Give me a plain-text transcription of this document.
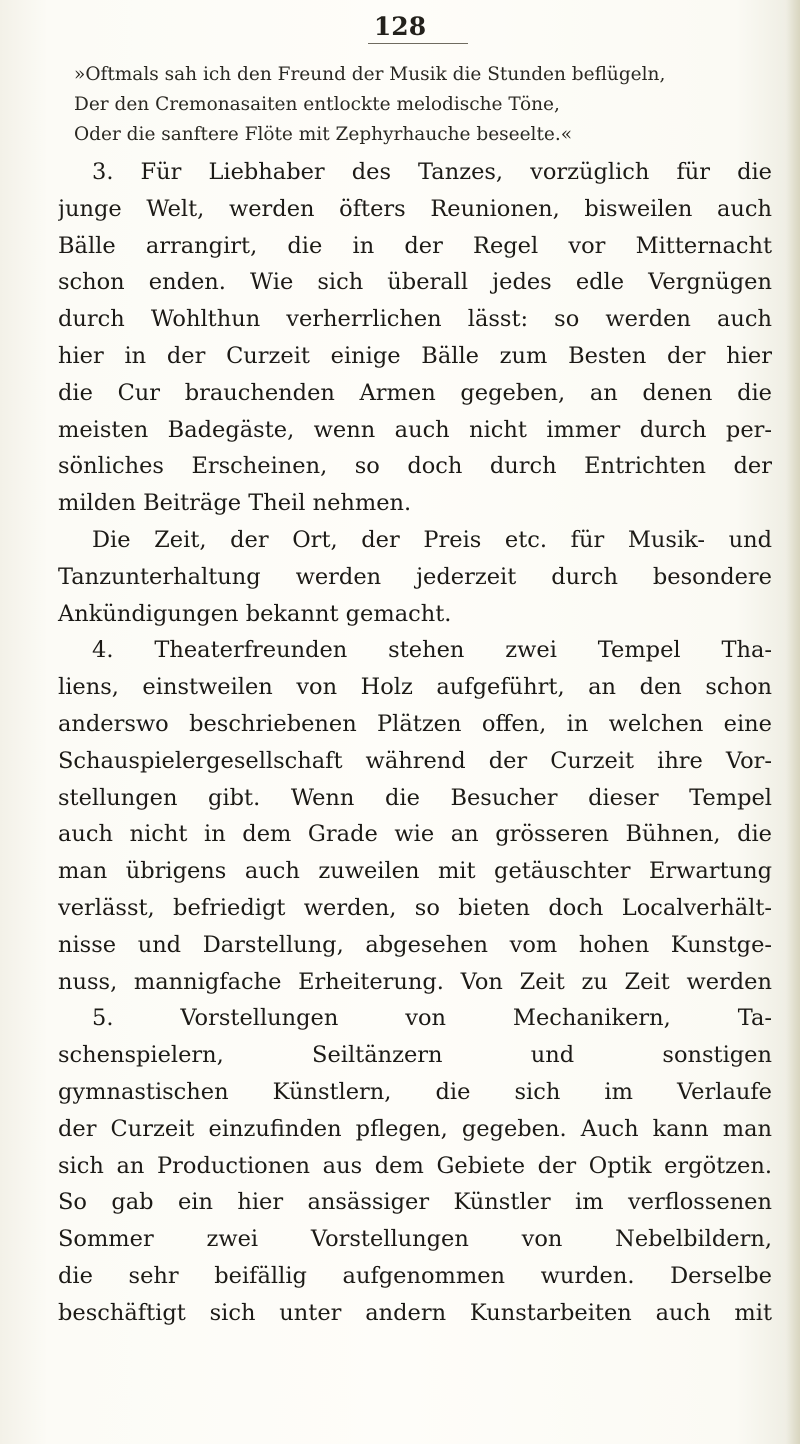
128
»Oftmals sah ich den Freund der Musik die Stunden beflügeln,
Der den Cremonasaiten entlockte melodische Töne,
Oder die sanftere Flöte mit Zephyrhauche beseelte.«
3. Für Liebhaber des Tanzes, vorzüglich für die
junge Welt, werden öfters Reunionen, bisweilen auch
Bälle arrangirt, die in der Regel vor Mitternacht
schon enden. Wie sich überall jedes edle Vergnügen
durch Wohlthun verherrlichen lässt: so werden auch
hier in der Curzeit einige Bälle zum Besten der hier
die Cur brauchenden Armen gegeben, an denen die
meisten Badegäste, wenn auch nicht immer durch per-
sönliches Erscheinen, so doch durch Entrichten der
milden Beiträge Theil nehmen.
Die Zeit, der Ort, der Preis etc. für Musik- und
Tanzunterhaltung werden jederzeit durch besondere
Ankündigungen bekannt gemacht.
4. Theaterfreunden stehen zwei Tempel Tha-
liens, einstweilen von Holz aufgeführt, an den schon
anderswo beschriebenen Plätzen offen, in welchen eine
Schauspielergesellschaft während der Curzeit ihre Vor-
stellungen gibt. Wenn die Besucher dieser Tempel
auch nicht in dem Grade wie an grösseren Bühnen, die
man übrigens auch zuweilen mit getäuschter Erwartung
verlässt, befriedigt werden, so bieten doch Localverhält-
nisse und Darstellung, abgesehen vom hohen Kunstge-
nuss, mannigfache Erheiterung. Von Zeit zu Zeit werden
5. Vorstellungen von Mechanikern, Ta-
schenspielern, Seiltänzern und sonstigen
gymnastischen Künstlern, die sich im Verlaufe
der Curzeit einzufinden pflegen, gegeben. Auch kann man
sich an Productionen aus dem Gebiete der Optik ergötzen.
So gab ein hier ansässiger Künstler im verflossenen
Sommer zwei Vorstellungen von Nebelbildern,
die sehr beifällig aufgenommen wurden. Derselbe
beschäftigt sich unter andern Kunstarbeiten auch mit
